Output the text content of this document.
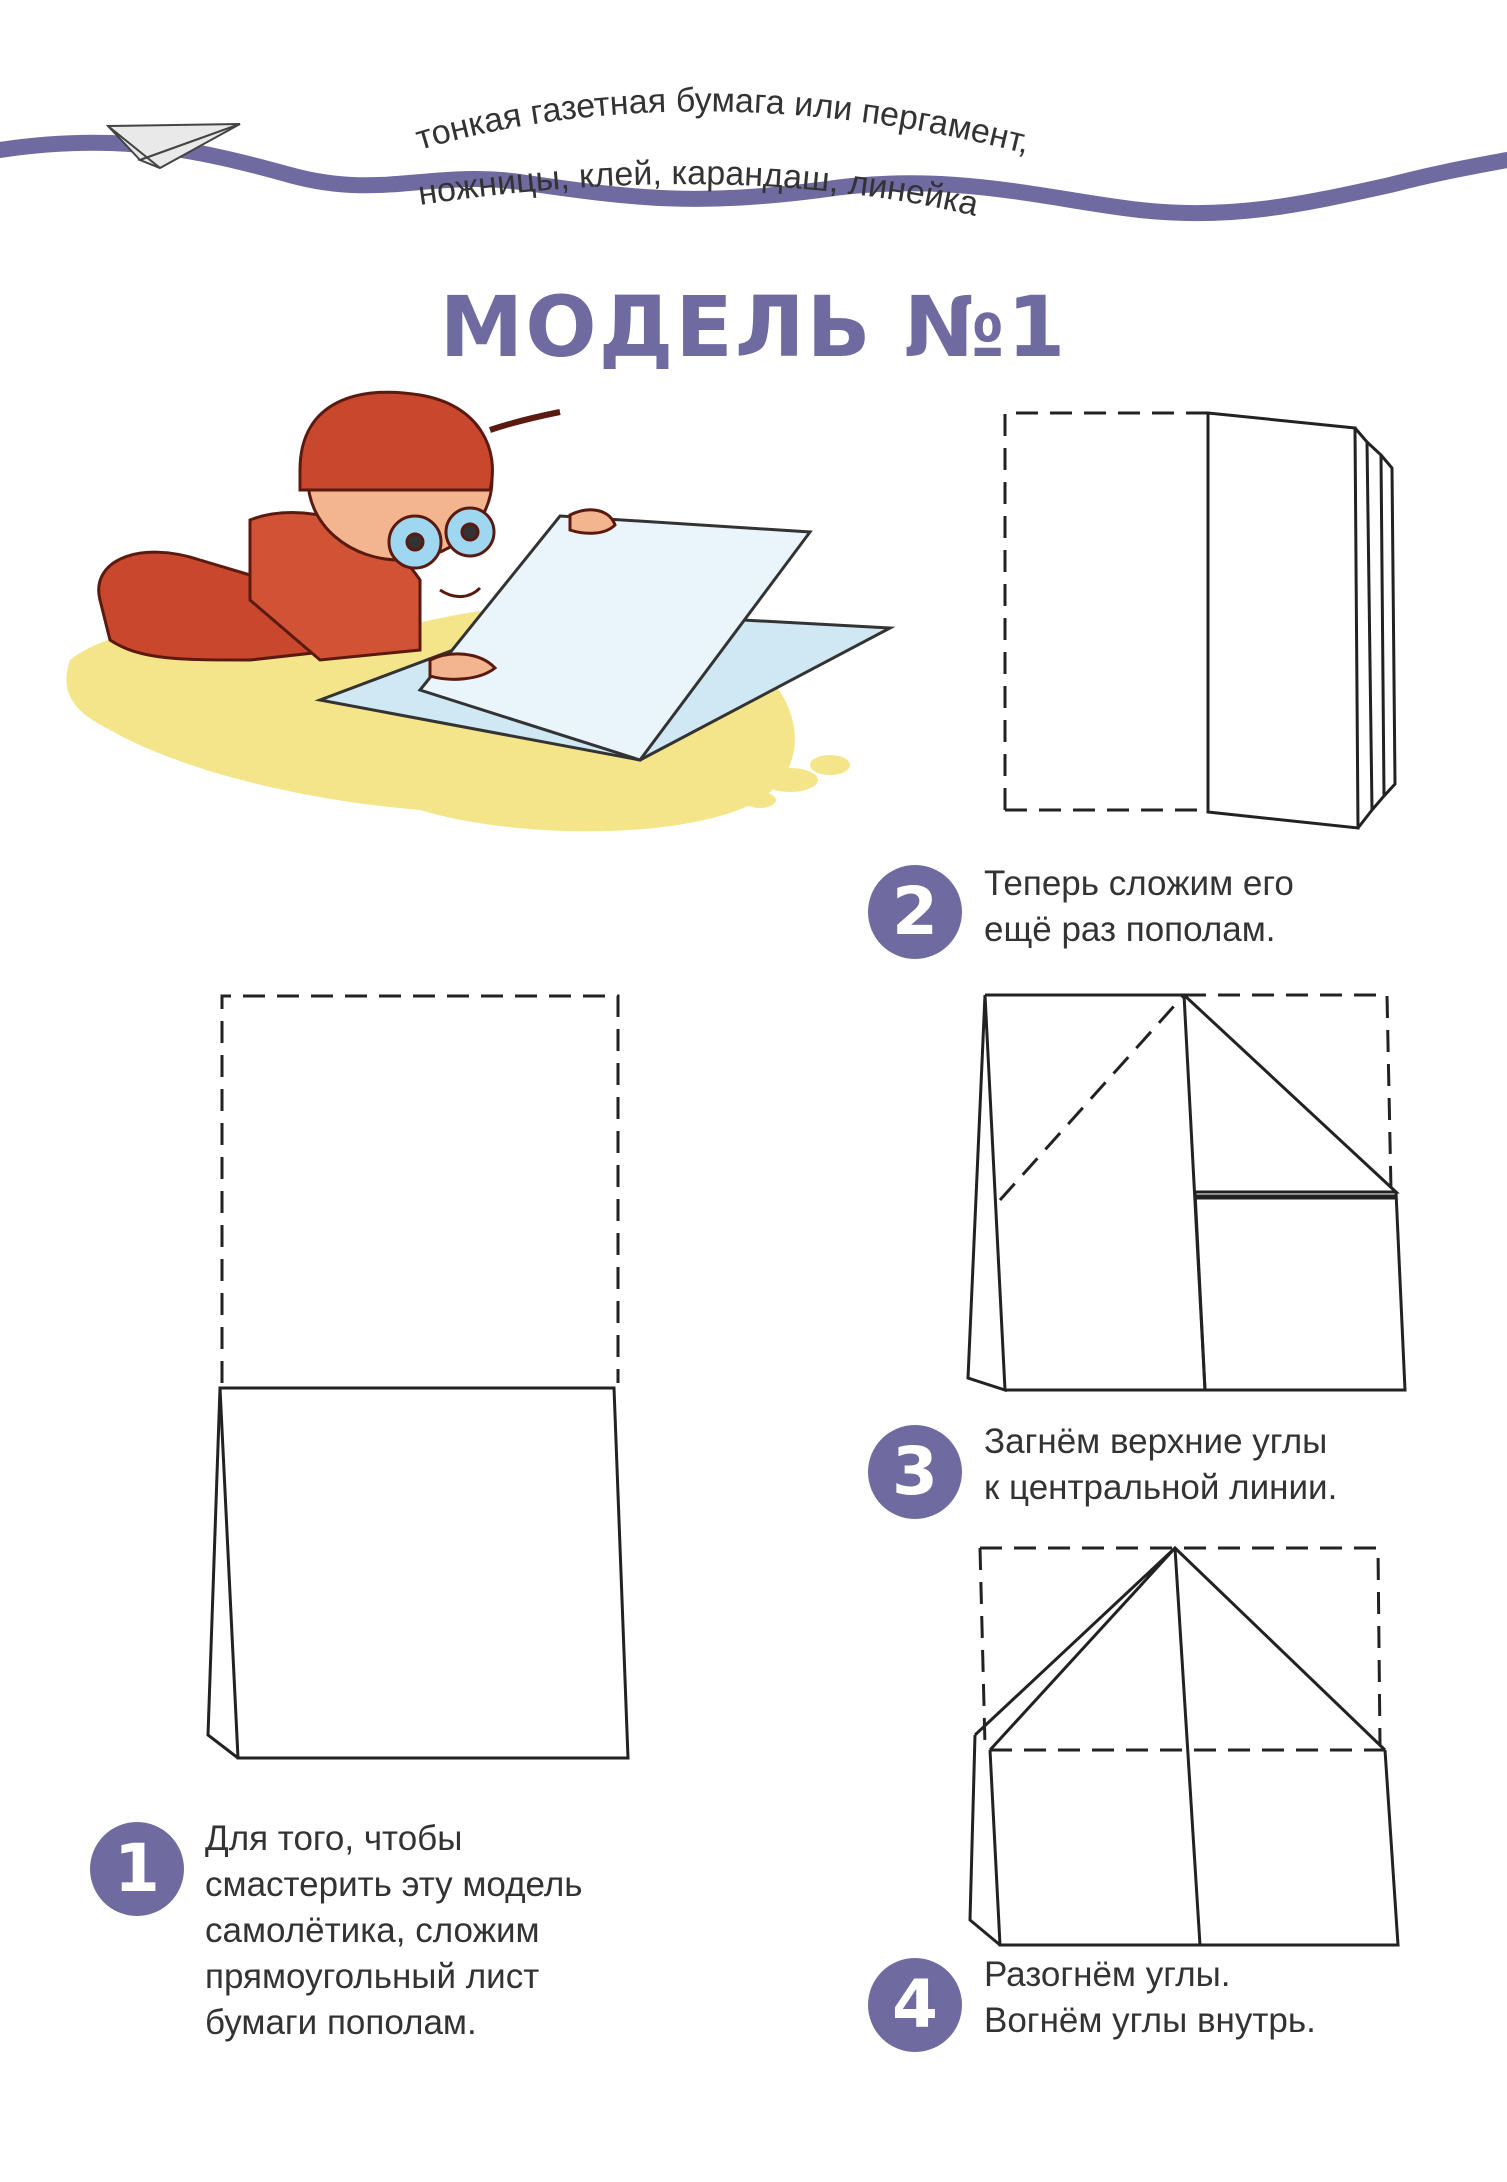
тонкая газетная бумага или пергамент,
ножницы, клей, карандаш, линейка
МОДЕЛЬ №1
1	Для того, чтобы
смастерить эту модель
самолётика, сложим
прямоугольный лист
бумаги пополам.
2	Теперь сложим его
ещё раз пополам.
3	Загнём верхние углы
к центральной линии.
4	Разогнём углы.
Вогнём углы внутрь.
